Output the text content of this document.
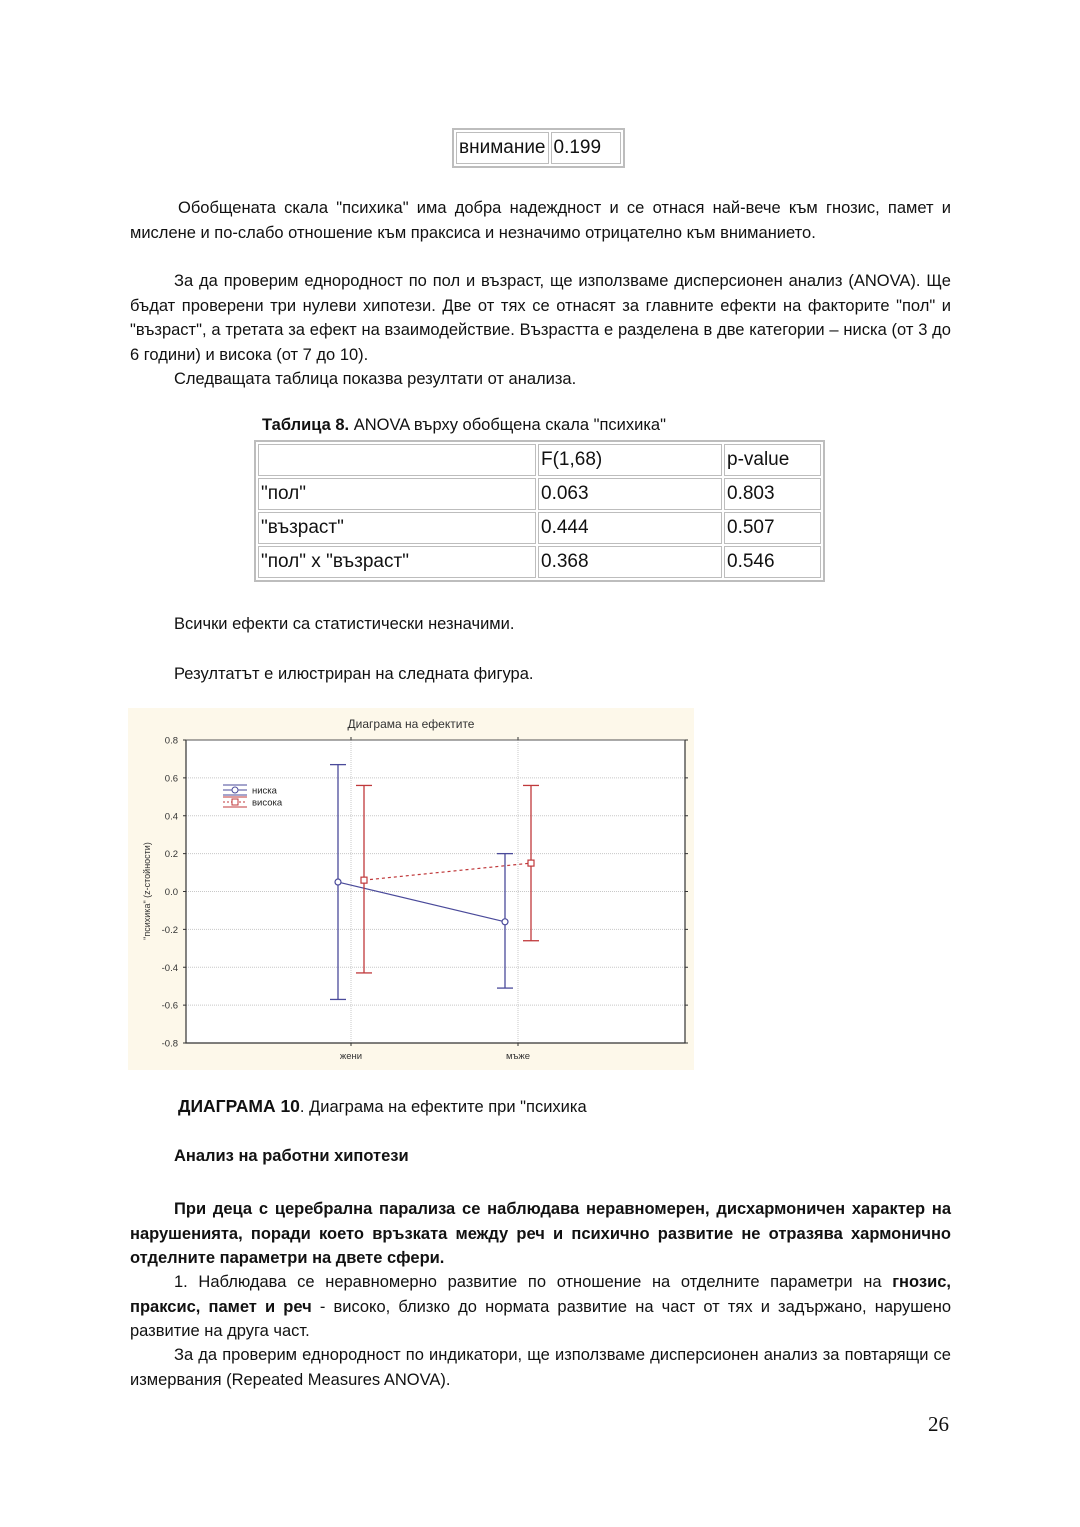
внимание	0.199
Обобщената скала "психика" има добра надеждност и се отнася най-вече към гнозис, памет и мислене и по-слабо отношение към праксиса и незначимо отрицателно към вниманието.
За да проверим еднородност по пол и възраст, ще използваме дисперсионен анализ (ANOVA). Ще бъдат проверени три нулеви хипотези. Две от тях се отнасят за главните ефекти на факторите "пол" и "възраст", а третата за ефект на взаимодействие. Възрастта е разделена в две категории – ниска (от 3 до 6 години) и висока (от 7 до 10).
Следващата таблица показва резултати от анализа.
Таблица 8. ANOVA върху обобщена скала "психика"
	F(1,68)	p-value
"пол"	0.063	0.803
"възраст"	0.444	0.507
"пол" x "възраст"	0.368	0.546
Всички ефекти са статистически незначими.
Резултатът е илюстриран на следната фигура.
Диаграма на ефектите
0.8
0.6
0.4
0.2
0.0
-0.2
-0.4
-0.6
-0.8
жени	мъже
"психика" (z-стойности)
ниска
висока
ДИАГРАМА 10. Диаграма на ефектите при "психика
Анализ на работни хипотези
При деца с церебрална парализа се наблюдава неравномерен, дисхармоничен характер на нарушенията, поради което връзката между реч и психично развитие не отразява хармонично отделните параметри на двете сфери.
1. Наблюдава се неравномерно развитие по отношение на отделните параметри на гнозис, праксис, памет и реч - високо, близко до нормата развитие на част от тях и задържано, нарушено развитие на друга част.
За да проверим еднородност по индикатори, ще използваме дисперсионен анализ за повтарящи се измервания (Repeated Measures ANOVA).
26
